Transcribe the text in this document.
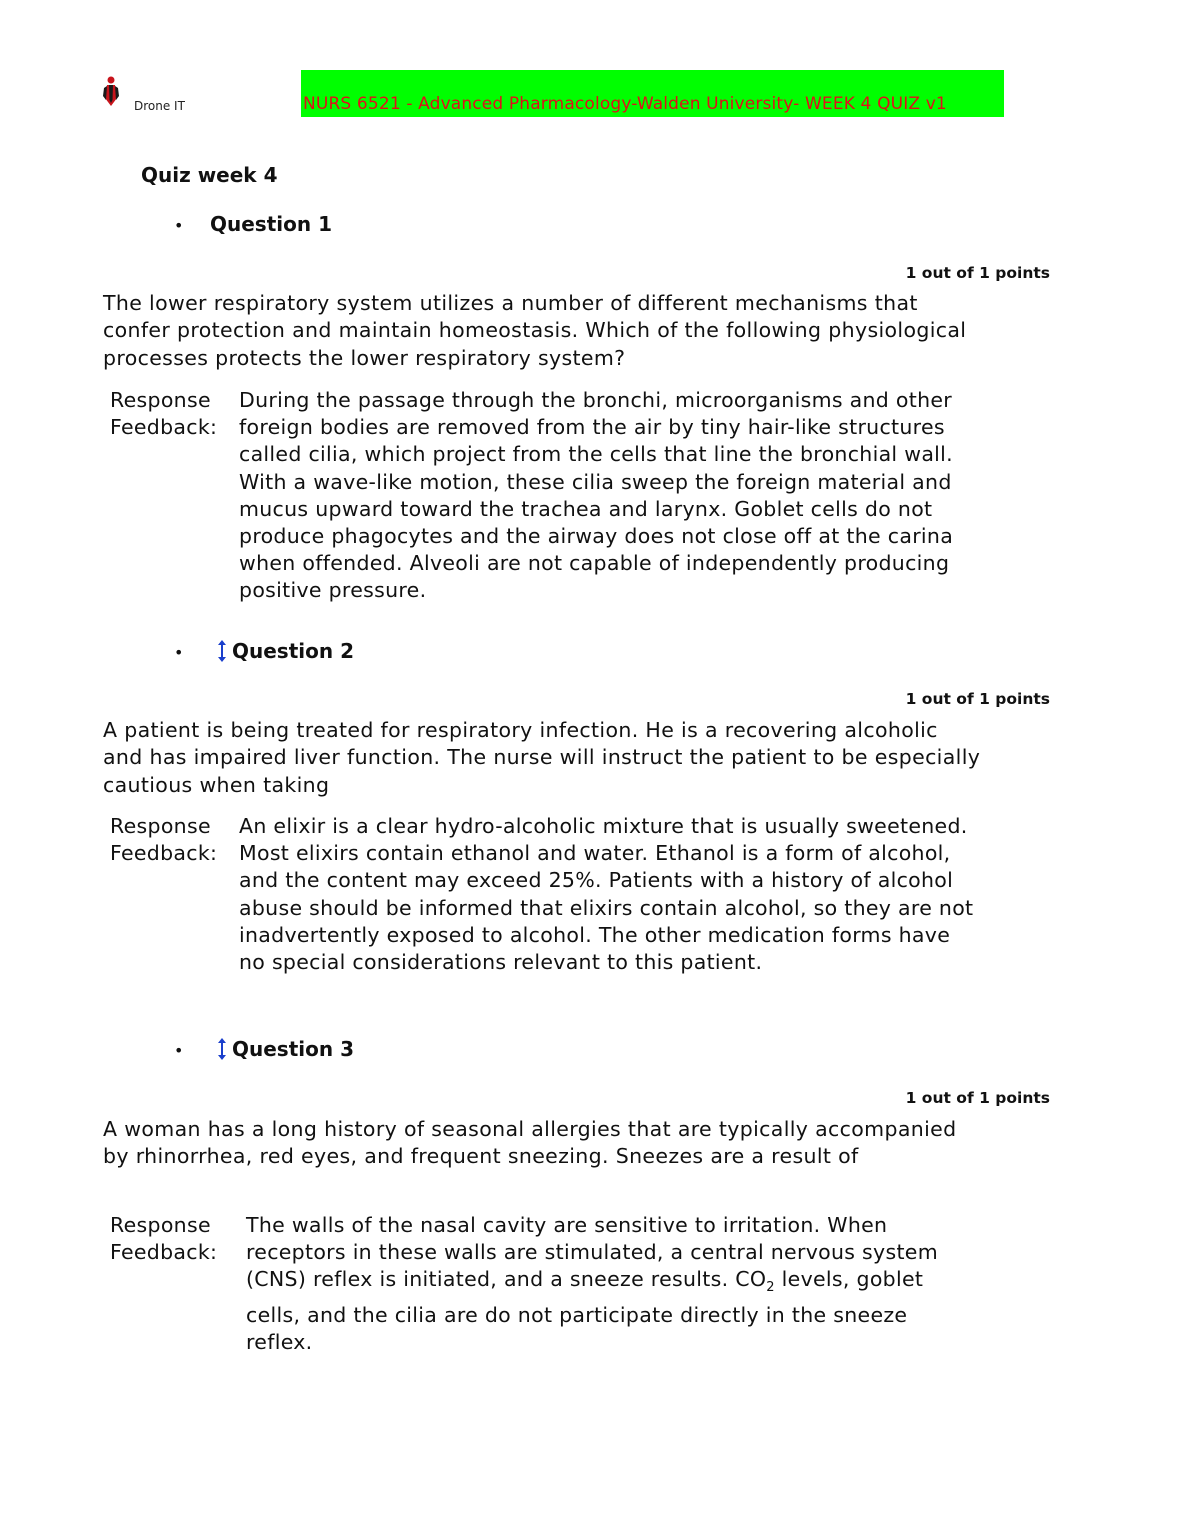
Drone IT	NURS 6521 - Advanced Pharmacology-Walden University- WEEK 4 QUIZ v1
Quiz week 4
• Question 1
1 out of 1 points
The lower respiratory system utilizes a number of different mechanisms that confer protection and maintain homeostasis. Which of the following physiological processes protects the lower respiratory system?
Response Feedback:
During the passage through the bronchi, microorganisms and other foreign bodies are removed from the air by tiny hair-like structures called cilia, which project from the cells that line the bronchial wall. With a wave-like motion, these cilia sweep the foreign material and mucus upward toward the trachea and larynx. Goblet cells do not produce phagocytes and the airway does not close off at the carina when offended. Alveoli are not capable of independently producing positive pressure.
• Question 2
1 out of 1 points
A patient is being treated for respiratory infection. He is a recovering alcoholic and has impaired liver function. The nurse will instruct the patient to be especially cautious when taking
Response Feedback:
An elixir is a clear hydro-alcoholic mixture that is usually sweetened. Most elixirs contain ethanol and water. Ethanol is a form of alcohol, and the content may exceed 25%. Patients with a history of alcohol abuse should be informed that elixirs contain alcohol, so they are not inadvertently exposed to alcohol. The other medication forms have no special considerations relevant to this patient.
• Question 3
1 out of 1 points
A woman has a long history of seasonal allergies that are typically accompanied by rhinorrhea, red eyes, and frequent sneezing. Sneezes are a result of
Response Feedback:
The walls of the nasal cavity are sensitive to irritation. When receptors in these walls are stimulated, a central nervous system (CNS) reflex is initiated, and a sneeze results. $CO_2$ levels, goblet cells, and the cilia are do not participate directly in the sneeze reflex.
